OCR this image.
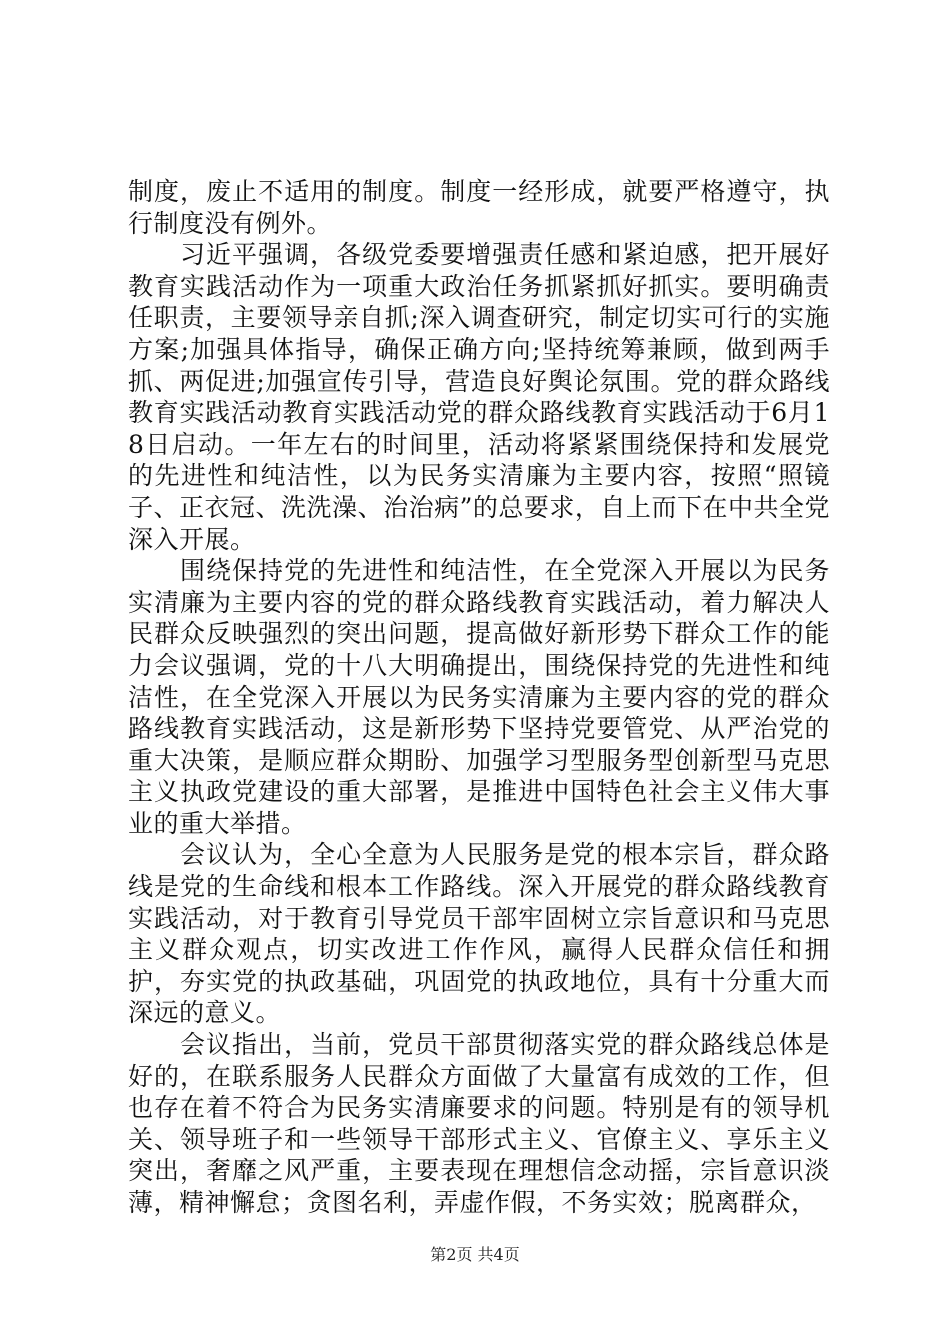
制度，废止不适用的制度。制度一经形成，就要严格遵守，执行制度没有例外。

习近平强调，各级党委要增强责任感和紧迫感，把开展好教育实践活动作为一项重大政治任务抓紧抓好抓实。要明确责任职责，主要领导亲自抓;深入调查研究，制定切实可行的实施方案;加强具体指导，确保正确方向;坚持统筹兼顾，做到两手抓、两促进;加强宣传引导，营造良好舆论氛围。党的群众路线教育实践活动教育实践活动党的群众路线教育实践活动于6月18日启动。一年左右的时间里，活动将紧紧围绕保持和发展党的先进性和纯洁性，以为民务实清廉为主要内容，按照“照镜子、正衣冠、洗洗澡、治治病”的总要求，自上而下在中共全党深入开展。

围绕保持党的先进性和纯洁性，在全党深入开展以为民务实清廉为主要内容的党的群众路线教育实践活动，着力解决人民群众反映强烈的突出问题，提高做好新形势下群众工作的能力会议强调，党的十八大明确提出，围绕保持党的先进性和纯洁性，在全党深入开展以为民务实清廉为主要内容的党的群众路线教育实践活动，这是新形势下坚持党要管党、从严治党的重大决策，是顺应群众期盼、加强学习型服务型创新型马克思主义执政党建设的重大部署，是推进中国特色社会主义伟大事业的重大举措。

会议认为，全心全意为人民服务是党的根本宗旨，群众路线是党的生命线和根本工作路线。深入开展党的群众路线教育实践活动，对于教育引导党员干部牢固树立宗旨意识和马克思主义群众观点，切实改进工作作风，赢得人民群众信任和拥护，夯实党的执政基础，巩固党的执政地位，具有十分重大而深远的意义。

会议指出，当前，党员干部贯彻落实党的群众路线总体是好的，在联系服务人民群众方面做了大量富有成效的工作，但也存在着不符合为民务实清廉要求的问题。特别是有的领导机关、领导班子和一些领导干部形式主义、官僚主义、享乐主义突出，奢靡之风严重，主要表现在理想信念动摇，宗旨意识淡薄，精神懈怠；贪图名利，弄虚作假，不务实效；脱离群众，

第2页 共4页
